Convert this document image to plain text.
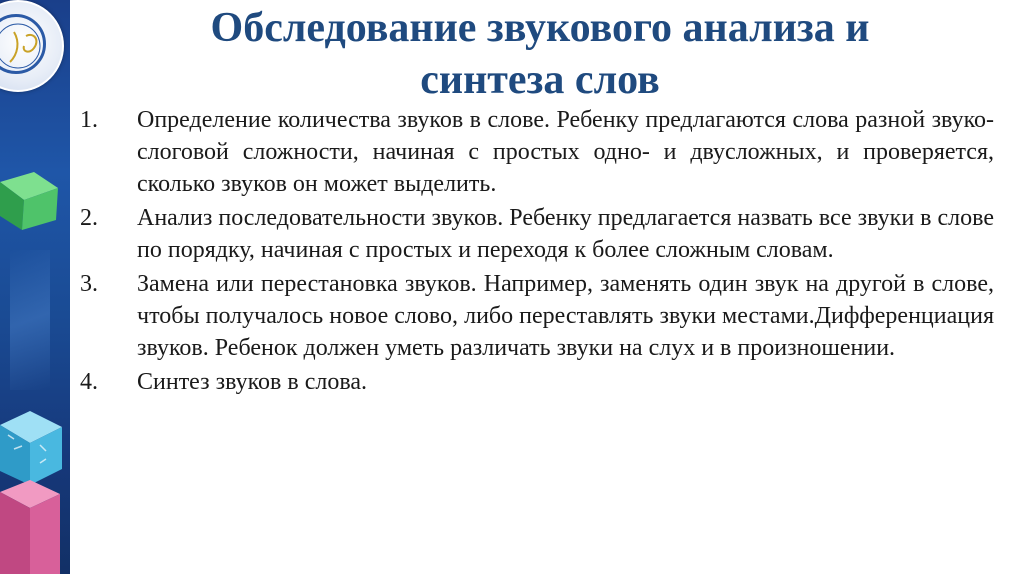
Обследование звукового анализа и
синтеза слов
1.	Определение количества звуков в слове. Ребенку предлагаются слова разной звуко-слоговой сложности, начиная с простых одно- и двусложных, и проверяется, сколько звуков он может выделить.
2.	Анализ последовательности звуков. Ребенку предлагается назвать все звуки в слове по порядку, начиная с простых и переходя к более сложным словам.
3.	Замена или перестановка звуков. Например, заменять один звук на другой в слове, чтобы получалось новое слово, либо переставлять звуки местами.Дифференциация звуков. Ребенок должен уметь различать звуки на слух и в произношении.
4.	Синтез звуков в слова.
